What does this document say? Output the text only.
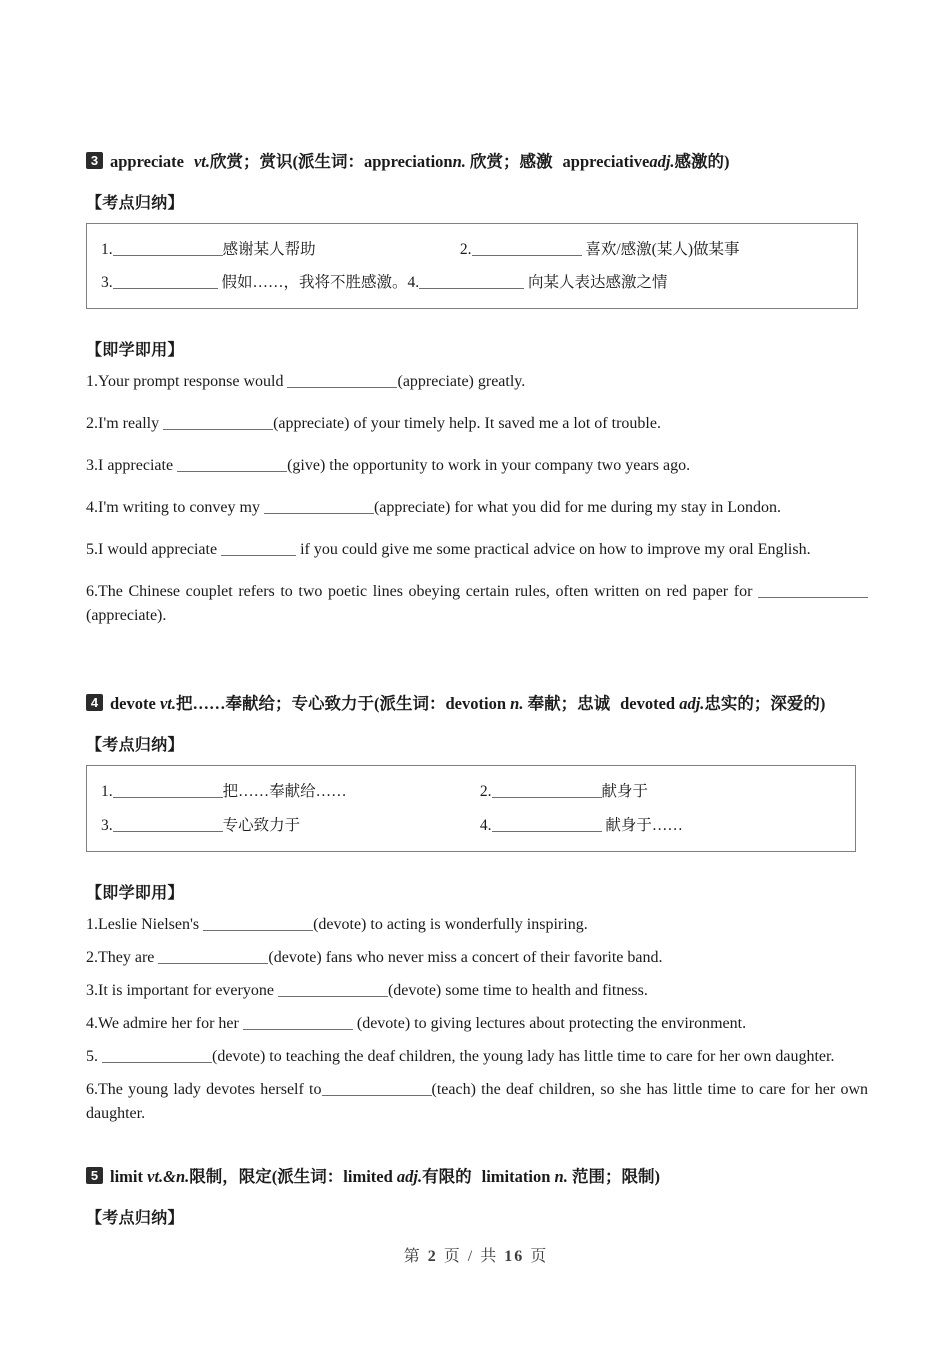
3 appreciate vt.欣赏；赏识(派生词：appreciationn. 欣赏；感激 appreciativeadj.感激的)
【考点归纳】
1.	感谢某人帮助	2.	喜欢/感激(某人)做某事
3.	假如……，我将不胜感激。4.	向某人表达感激之情
【即学即用】
1.Your prompt response would	(appreciate) greatly.
2.I'm really	(appreciate) of your timely help. It saved me a lot of trouble.
3.I appreciate	(give) the opportunity to work in your company two years ago.
4.I'm writing to convey my	(appreciate) for what you did for me during my stay in London.
5.I would appreciate	if you could give me some practical advice on how to improve my oral English.
6.The Chinese couplet refers to two poetic lines obeying certain rules, often written on red paper for (appreciate).
4 devote vt.把……奉献给；专心致力于(派生词：devotion n. 奉献；忠诚 devoted adj.忠实的；深爱的)
【考点归纳】
1.	把……奉献给……	2.	献身于
3.	专心致力于	4.	献身于……
【即学即用】
1.Leslie Nielsen's	(devote) to acting is wonderfully inspiring.
2.They are	(devote) fans who never miss a concert of their favorite band.
3.It is important for everyone	(devote) some time to health and fitness.
4.We admire her for her	(devote) to giving lectures about protecting the environment.
5.	(devote) to teaching the deaf children, the young lady has little time to care for her own daughter.
6.The young lady devotes herself to	(teach) the deaf children, so she has little time to care for her own daughter.
5 limit vt.&n.限制，限定(派生词：limited adj.有限的 limitation n. 范围；限制)
【考点归纳】
第 2 页 / 共 16 页
